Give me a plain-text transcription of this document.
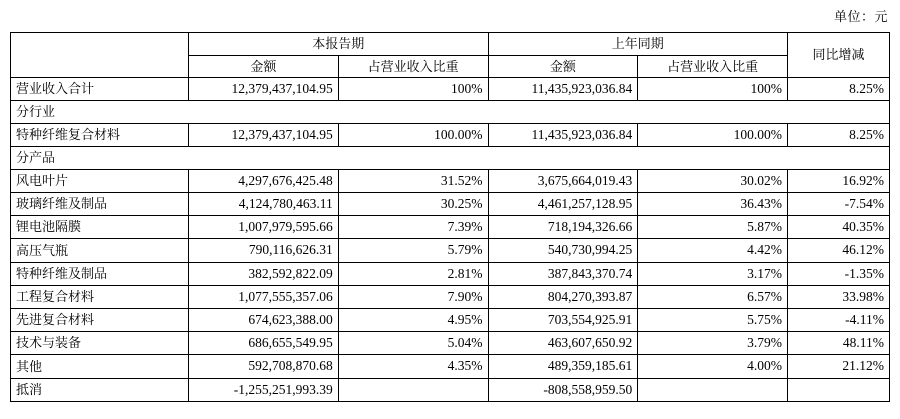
单位：元
	本报告期		上年同期		同比增减
	金额	占营业收入比重	金额	占营业收入比重	
营业收入合计	12,379,437,104.95	100%	11,435,923,036.84	100%	8.25%
分行业					
特种纤维复合材料	12,379,437,104.95	100.00%	11,435,923,036.84	100.00%	8.25%
分产品					
风电叶片	4,297,676,425.48	31.52%	3,675,664,019.43	30.02%	16.92%
玻璃纤维及制品	4,124,780,463.11	30.25%	4,461,257,128.95	36.43%	-7.54%
锂电池隔膜	1,007,979,595.66	7.39%	718,194,326.66	5.87%	40.35%
高压气瓶	790,116,626.31	5.79%	540,730,994.25	4.42%	46.12%
特种纤维及制品	382,592,822.09	2.81%	387,843,370.74	3.17%	-1.35%
工程复合材料	1,077,555,357.06	7.90%	804,270,393.87	6.57%	33.98%
先进复合材料	674,623,388.00	4.95%	703,554,925.91	5.75%	-4.11%
技术与装备	686,655,549.95	5.04%	463,607,650.92	3.79%	48.11%
其他	592,708,870.68	4.35%	489,359,185.61	4.00%	21.12%
抵消	-1,255,251,993.39		-808,558,959.50		
